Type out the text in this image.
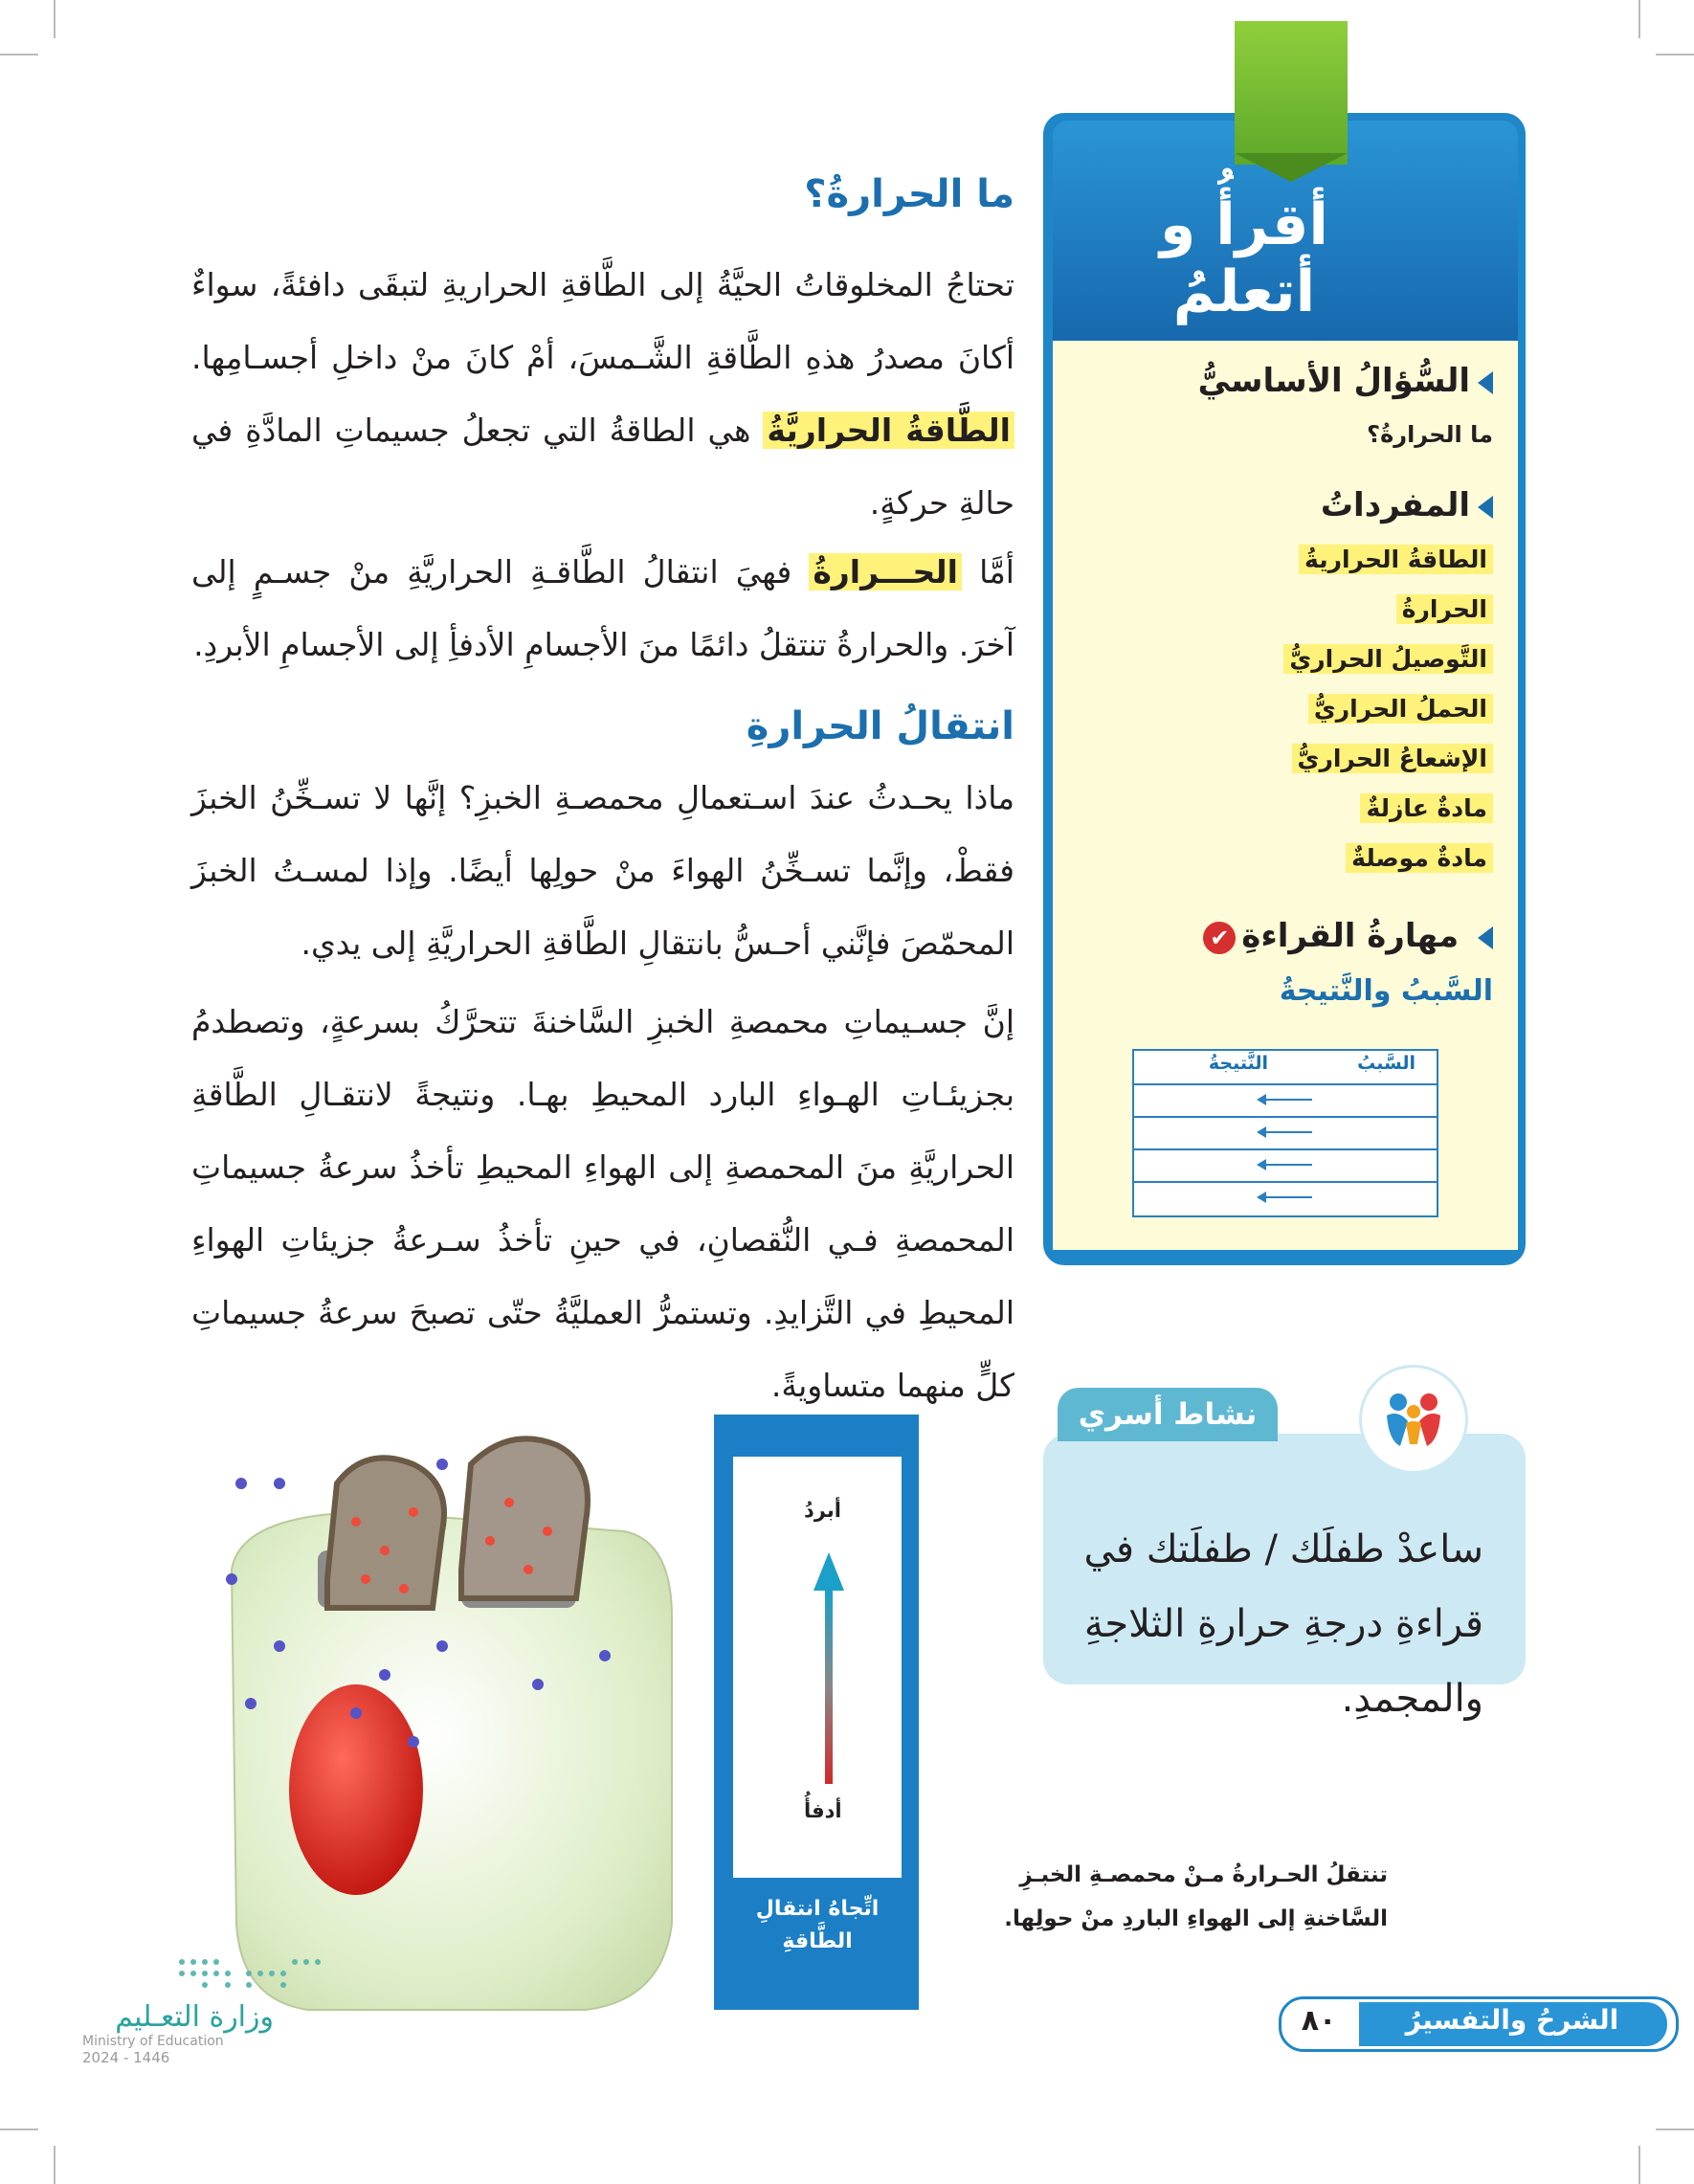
ما الحرارةُ؟

تحتاجُ المخلوقاتُ الحيَّةُ إلى الطَّاقةِ الحراريةِ لتبقَى دافئةً، سواءٌ أكانَ مصدرُ هذهِ الطَّاقةِ الشَّـمسَ، أمْ كانَ منْ داخلِ أجسـامِها. الطَّاقةُ الحراريَّةُ هي الطاقةُ التي تجعلُ جسيماتِ المادَّةِ في حالةِ حركةٍ.

أمَّا الحـــرارةُ فهيَ انتقالُ الطَّاقـةِ الحراريَّةِ منْ جسـمٍ إلى آخرَ. والحرارةُ تنتقلُ دائمًا منَ الأجسامِ الأدفأِ إلى الأجسامِ الأبردِ.

انتقالُ الحرارةِ

ماذا يحـدثُ عندَ اسـتعمالِ محمصـةِ الخبزِ؟ إنَّها لا تسـخِّنُ الخبزَ فقطْ، وإنَّما تسـخِّنُ الهواءَ منْ حولِها أيضًا. وإذا لمسـتُ الخبزَ المحمّصَ فإنَّني أحـسُّ بانتقالِ الطَّاقةِ الحراريَّةِ إلى يدي.

إنَّ جسـيماتِ محمصةِ الخبزِ السَّاخنةَ تتحرَّكُ بسرعةٍ، وتصطدمُ بجزيئـاتِ الهـواءِ البارد المحيطِ بهـا. ونتيجةً لانتقـالِ الطَّاقةِ الحراريَّةِ منَ المحمصةِ إلى الهواءِ المحيطِ تأخذُ سرعةُ جسيماتِ المحمصةِ فـي النُّقصانِ، في حينِ تأخذُ سـرعةُ جزيئاتِ الهواءِ المحيطِ في التَّزايدِ. وتستمرُّ العمليَّةُ حتّى تصبحَ سرعةُ جسيماتِ كلٍّ منهما متساويةً.

أقرأُ و أتعلمُ
السُّؤالُ الأساسيُّ
ما الحرارةُ؟
المفرداتُ
الطاقةُ الحراريةُ
الحرارةُ
التَّوصيلُ الحراريُّ
الحملُ الحراريُّ
الإشعاعُ الحراريُّ
مادةٌ عازلةٌ
مادةٌ موصلةٌ
مهارةُ القراءةِ✔
السَّببُ والنَّتيجةُ
السَّببُ
النَّتيجةُ
نشاط أسري
ساعدْ طفلَك / طفلَتك في قراءةِ درجةِ حرارةِ الثلاجةِ والمجمدِ.
أبردُ
أدفأُ
اتِّجاهُ انتقالِ الطَّاقةِ
تنتقلُ الحـرارةُ مـنْ محمصـةِ الخبـزِ السَّاخنةِ إلى الهواءِ الباردِ منْ حولِها.
الشرحُ والتفسيرُ
٨٠
وزارة التعـليم
Ministry of Education
2024 - 1446
